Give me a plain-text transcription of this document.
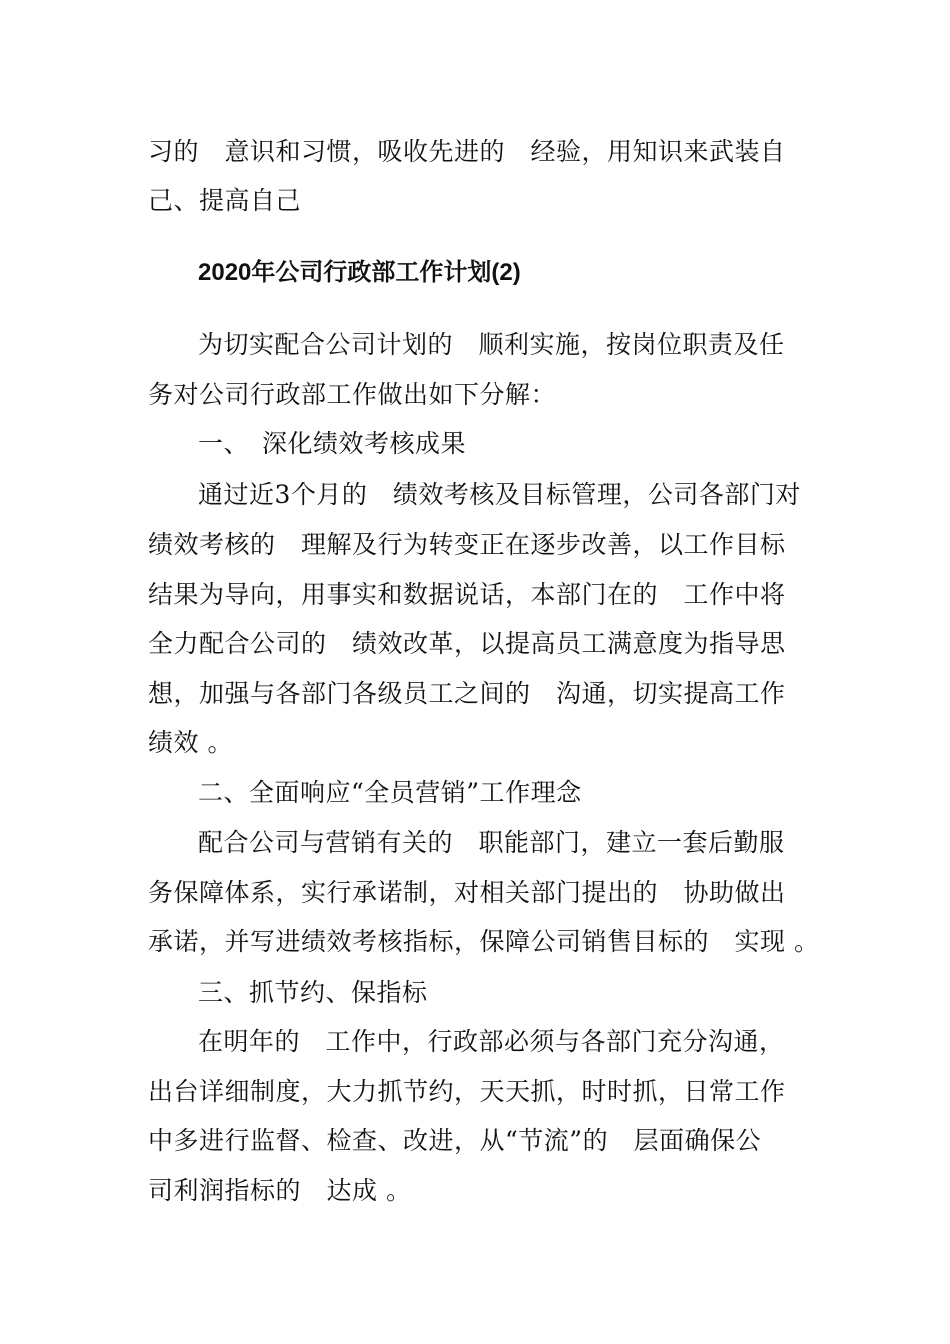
习的　意识和习惯，吸收先进的　经验，用知识来武装自
己、提高自己
2020年公司行政部工作计划(2)
为切实配合公司计划的　顺利实施，按岗位职责及任
务对公司行政部工作做出如下分解：
一、　深化绩效考核成果
通过近3个月的　绩效考核及目标管理，公司各部门对
绩效考核的　理解及行为转变正在逐步改善，以工作目标
结果为导向，用事实和数据说话，本部门在的　工作中将
全力配合公司的　绩效改革，以提高员工满意度为指导思
想，加强与各部门各级员工之间的　沟通，切实提高工作
绩效 。
二、全面响应“全员营销”工作理念
配合公司与营销有关的　职能部门，建立一套后勤服
务保障体系，实行承诺制，对相关部门提出的　协助做出
承诺，并写进绩效考核指标，保障公司销售目标的　实现 。
三、抓节约、保指标
在明年的　工作中，行政部必须与各部门充分沟通，
出台详细制度，大力抓节约，天天抓，时时抓，日常工作
中多进行监督、检查、改进，从“节流”的　层面确保公
司利润指标的　达成 。
